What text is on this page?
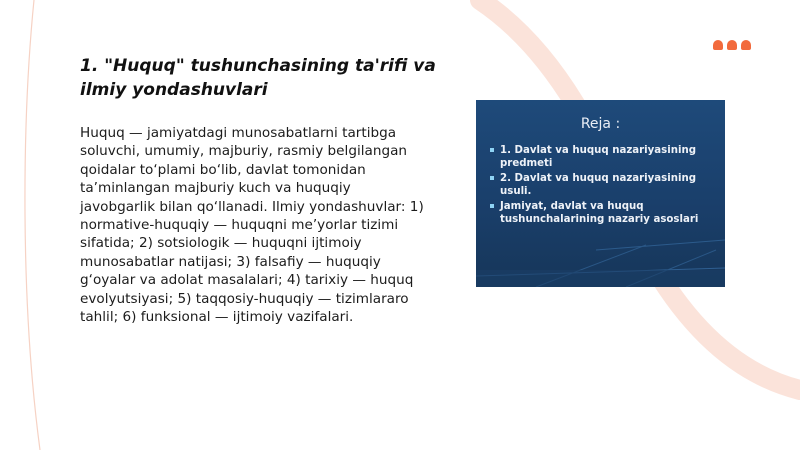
1. "Huquq" tushunchasining ta'rifi va ilmiy yondashuvlari

Huquq — jamiyatdagi munosabatlarni tartibga soluvchi, umumiy, majburiy, rasmiy belgilangan qoidalar to‘plami bo‘lib, davlat tomonidan ta’minlangan majburiy kuch va huquqiy javobgarlik bilan qo‘llanadi. Ilmiy yondashuvlar: 1) normative-huquqiy — huquqni me’yorlar tizimi sifatida; 2) sotsiologik — huquqni ijtimoiy munosabatlar natijasi; 3) falsafiy — huquqiy g‘oyalar va adolat masalalari; 4) tarixiy — huquq evolyutsiyasi; 5) taqqosiy-huquqiy — tizimlararo tahlil; 6) funksional — ijtimoiy vazifalari.

Reja :
1. Davlat va huquq nazariyasining predmeti
2. Davlat va huquq nazariyasining usuli.
Jamiyat, davlat va huquq tushunchalarining nazariy asoslari
